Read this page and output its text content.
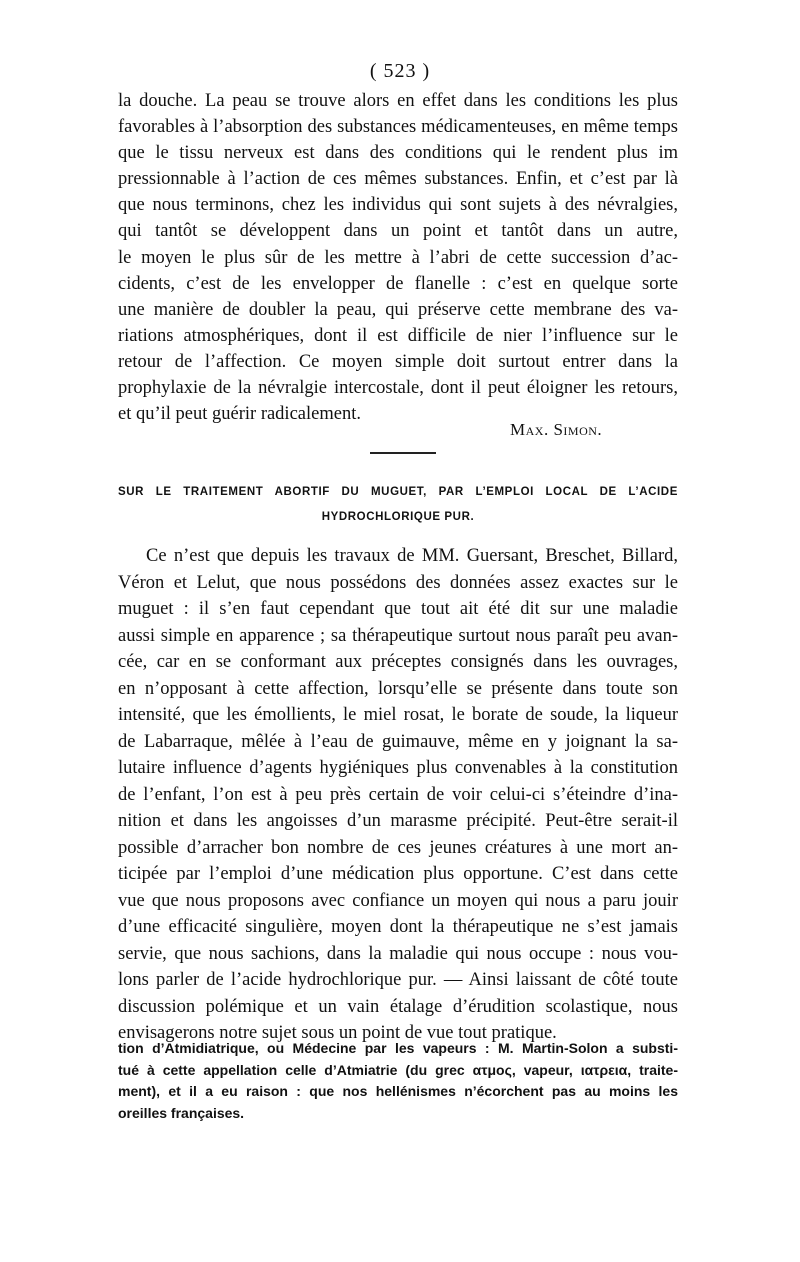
( 523 )
la douche. La peau se trouve alors en effet dans les conditions les plus
favorables à l’absorption des substances médicamenteuses, en même temps
que le tissu nerveux est dans des conditions qui le rendent plus im
pressionnable à l’action de ces mêmes substances. Enfin, et c’est par là
que nous terminons, chez les individus qui sont sujets à des névralgies,
qui tantôt se développent dans un point et tantôt dans un autre,
le moyen le plus sûr de les mettre à l’abri de cette succession d’ac-
cidents, c’est de les envelopper de flanelle : c’est en quelque sorte
une manière de doubler la peau, qui préserve cette membrane des va-
riations atmosphériques, dont il est difficile de nier l’influence sur le
retour de l’affection. Ce moyen simple doit surtout entrer dans la
prophylaxie de la névralgie intercostale, dont il peut éloigner les retours,
et qu’il peut guérir radicalement.
Max. Simon.
SUR LE TRAITEMENT ABORTIF DU MUGUET, PAR L’EMPLOI LOCAL DE L’ACIDE
HYDROCHLORIQUE PUR.
Ce n’est que depuis les travaux de MM. Guersant, Breschet, Billard,
Véron et Lelut, que nous possédons des données assez exactes sur le
muguet : il s’en faut cependant que tout ait été dit sur une maladie
aussi simple en apparence ; sa thérapeutique surtout nous paraît peu avan-
cée, car en se conformant aux préceptes consignés dans les ouvrages,
en n’opposant à cette affection, lorsqu’elle se présente dans toute son
intensité, que les émollients, le miel rosat, le borate de soude, la liqueur
de Labarraque, mêlée à l’eau de guimauve, même en y joignant la sa-
lutaire influence d’agents hygiéniques plus convenables à la constitution
de l’enfant, l’on est à peu près certain de voir celui-ci s’éteindre d’ina-
nition et dans les angoisses d’un marasme précipité. Peut-être serait-il
possible d’arracher bon nombre de ces jeunes créatures à une mort an-
ticipée par l’emploi d’une médication plus opportune. C’est dans cette
vue que nous proposons avec confiance un moyen qui nous a paru jouir
d’une efficacité singulière, moyen dont la thérapeutique ne s’est jamais
servie, que nous sachions, dans la maladie qui nous occupe : nous vou-
lons parler de l’acide hydrochlorique pur. — Ainsi laissant de côté toute
discussion polémique et un vain étalage d’érudition scolastique, nous
envisagerons notre sujet sous un point de vue tout pratique.
tion d’Atmidiatrique, ou Médecine par les vapeurs : M. Martin-Solon a substi-
tué à cette appellation celle d’Atmiatrie (du grec ατμος, vapeur, ιατρεια, traite-
ment), et il a eu raison : que nos hellénismes n’écorchent pas au moins les
oreilles françaises.
